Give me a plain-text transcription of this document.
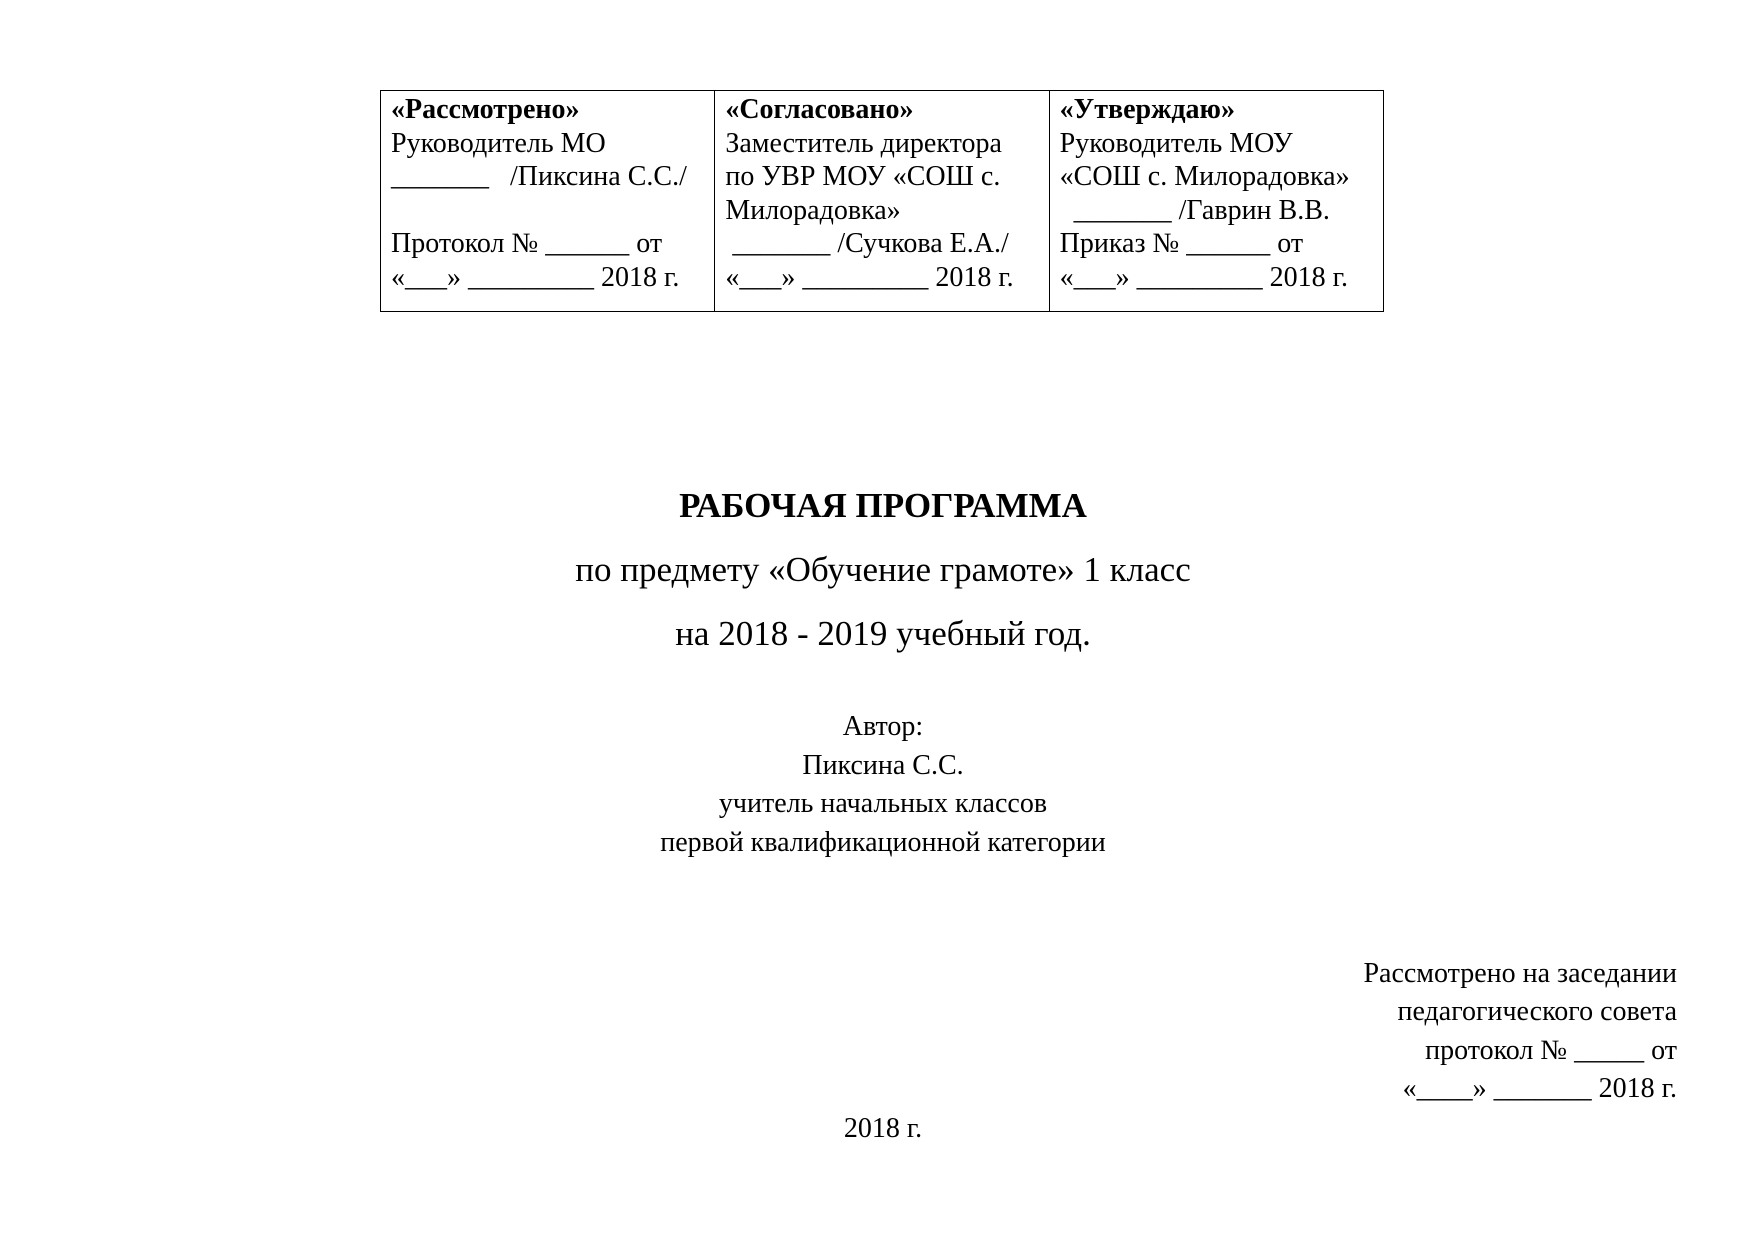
«Рассмотрено»
Руководитель МО
_______   /Пиксина С.С./

Протокол № ______ от
«___» _________ 2018 г.

«Согласовано»
Заместитель директора
по УВР МОУ «СОШ с.
Милорадовка»
_______ /Сучкова Е.А./
«___» _________ 2018 г.

«Утверждаю»
Руководитель МОУ
«СОШ с. Милорадовка»
_______ /Гаврин В.В.
Приказ № ______ от
«___» _________ 2018 г.
РАБОЧАЯ ПРОГРАММА
по предмету «Обучение грамоте» 1 класс
на 2018 - 2019 учебный год.
Автор:
Пиксина С.С.
учитель начальных классов
первой квалификационной категории
Рассмотрено на заседании
педагогического совета
протокол № _____ от
«____» _______ 2018 г.
2018 г.
